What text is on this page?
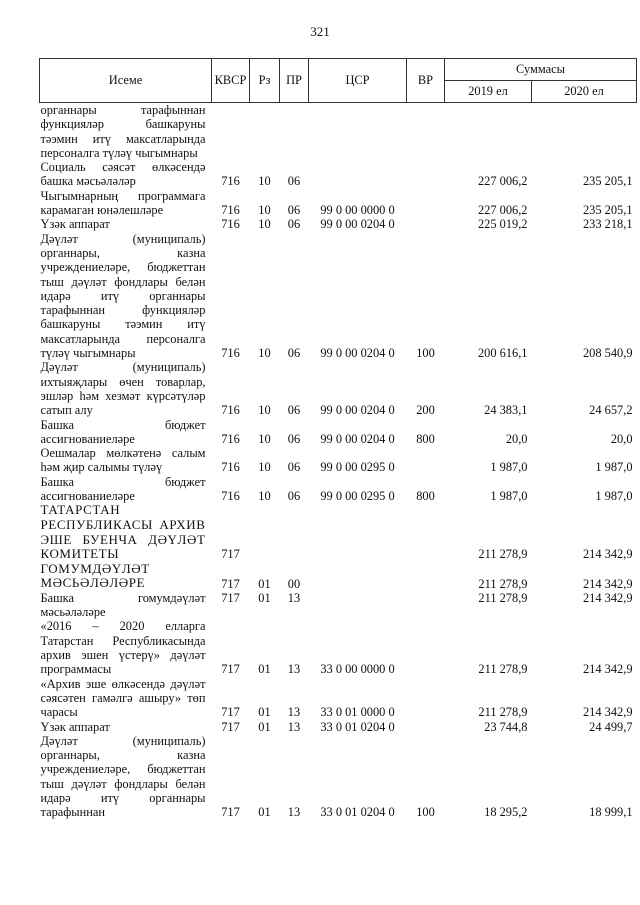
321
Исеме	КВСР	Рз	ПР	ЦСР	ВР	Суммасы	
						2019 ел	2020 ел
органнары тарафыннан функцияләр башкаруны тәэмин итү максатларында персоналга түләү чыгымнары							
Социаль сәясәт өлкәсендә башка мәсьәләләр	716	10	06			227 006,2	235 205,1
Чыгымнарның программага карамаган юнәлешләре	716	10	06	99 0 00 0000 0		227 006,2	235 205,1
Үзәк аппарат	716	10	06	99 0 00 0204 0		225 019,2	233 218,1
Дәүләт (муниципаль) органнары, казна учреждениеләре, бюджеттан тыш дәүләт фондлары белән идарә итү органнары тарафыннан функцияләр башкаруны тәэмин итү максатларында персоналга түләү чыгымнары	716	10	06	99 0 00 0204 0	100	200 616,1	208 540,9
Дәүләт (муниципаль) ихтыяҗлары өчен товарлар, эшләр һәм хезмәт күрсәтүләр сатып алу	716	10	06	99 0 00 0204 0	200	24 383,1	24 657,2
Башка бюджет ассигнованиеләре	716	10	06	99 0 00 0204 0	800	20,0	20,0
Оешмалар мөлкәтенә салым һәм җир салымы түләү	716	10	06	99 0 00 0295 0		1 987,0	1 987,0
Башка бюджет ассигнованиеләре	716	10	06	99 0 00 0295 0	800	1 987,0	1 987,0
ТАТАРСТАН РЕСПУБЛИКАСЫ АРХИВ ЭШЕ БУЕНЧА ДӘҮЛӘТ КОМИТЕТЫ	717					211 278,9	214 342,9
ГОМУМДӘҮЛӘТ МӘСЬӘЛӘЛӘРЕ	717	01	00			211 278,9	214 342,9
Башка гомумдәүләт мәсьәләләре	717	01	13			211 278,9	214 342,9
«2016 – 2020 елларга Татарстан Республикасында архив эшен үстерү» дәүләт программасы	717	01	13	33 0 00 0000 0		211 278,9	214 342,9
«Архив эше өлкәсендә дәүләт сәясәтен гамәлгә ашыру» төп чарасы	717	01	13	33 0 01 0000 0		211 278,9	214 342,9
Үзәк аппарат	717	01	13	33 0 01 0204 0		23 744,8	24 499,7
Дәүләт (муниципаль) органнары, казна учреждениеләре, бюджеттан тыш дәүләт фондлары белән идарә итү органнары тарафыннан	717	01	13	33 0 01 0204 0	100	18 295,2	18 999,1
